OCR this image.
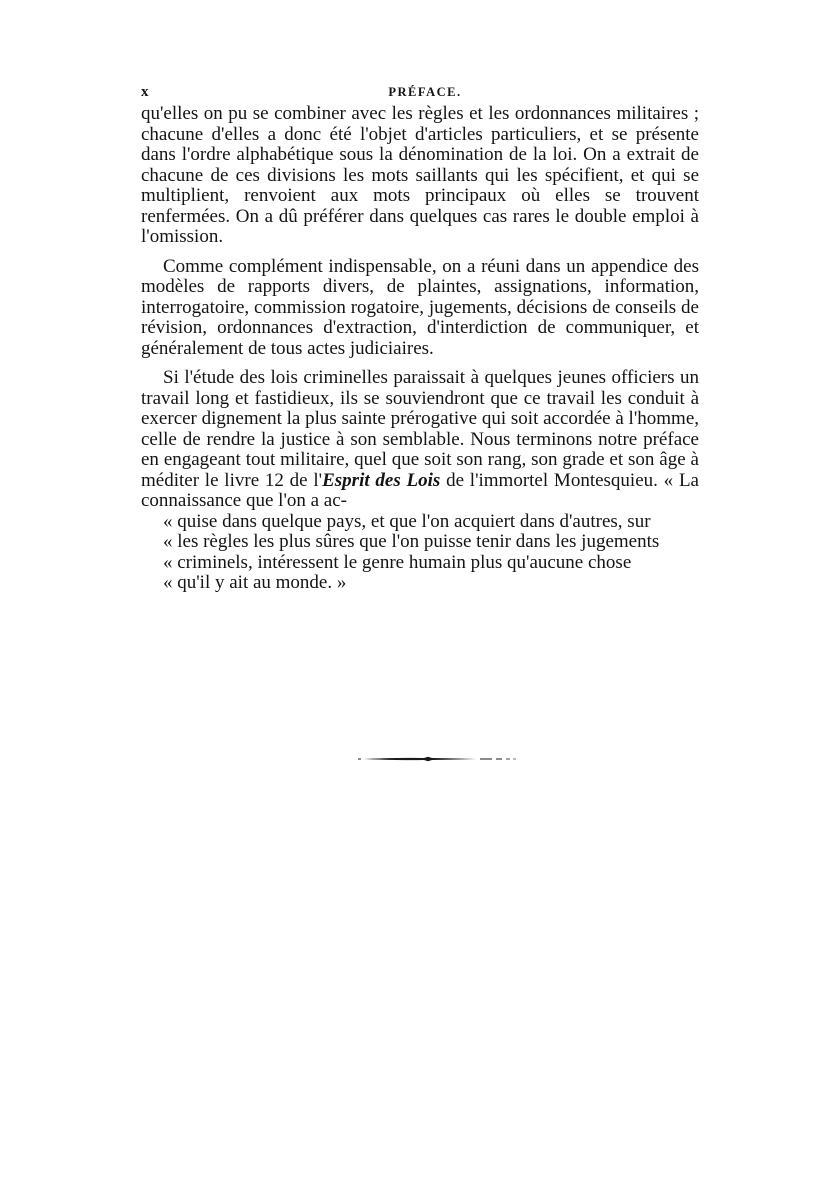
x	PRÉFACE.

qu'elles on pu se combiner avec les règles et les ordonnances militaires ; chacune d'elles a donc été l'objet d'articles particuliers, et se présente dans l'ordre alphabétique sous la dénomination de la loi. On a extrait de chacune de ces divisions les mots saillants qui les spécifient, et qui se multiplient, renvoient aux mots principaux où elles se trouvent renfermées. On a dû préférer dans quelques cas rares le double emploi à l'omission.

Comme complément indispensable, on a réuni dans un appendice des modèles de rapports divers, de plaintes, assignations, information, interrogatoire, commission rogatoire, jugements, décisions de conseils de révision, ordonnances d'extraction, d'interdiction de communiquer, et généralement de tous actes judiciaires.

Si l'étude des lois criminelles paraissait à quelques jeunes officiers un travail long et fastidieux, ils se souviendront que ce travail les conduit à exercer dignement la plus sainte prérogative qui soit accordée à l'homme, celle de rendre la justice à son semblable. Nous terminons notre préface en engageant tout militaire, quel que soit son rang, son grade et son âge à méditer le livre 12 de l'Esprit des Lois de l'immortel Montesquieu. « La connaissance que l'on a ac-
« quise dans quelque pays, et que l'on acquiert dans d'autres, sur
« les règles les plus sûres que l'on puisse tenir dans les jugements
« criminels, intéressent le genre humain plus qu'aucune chose
« qu'il y ait au monde. »
